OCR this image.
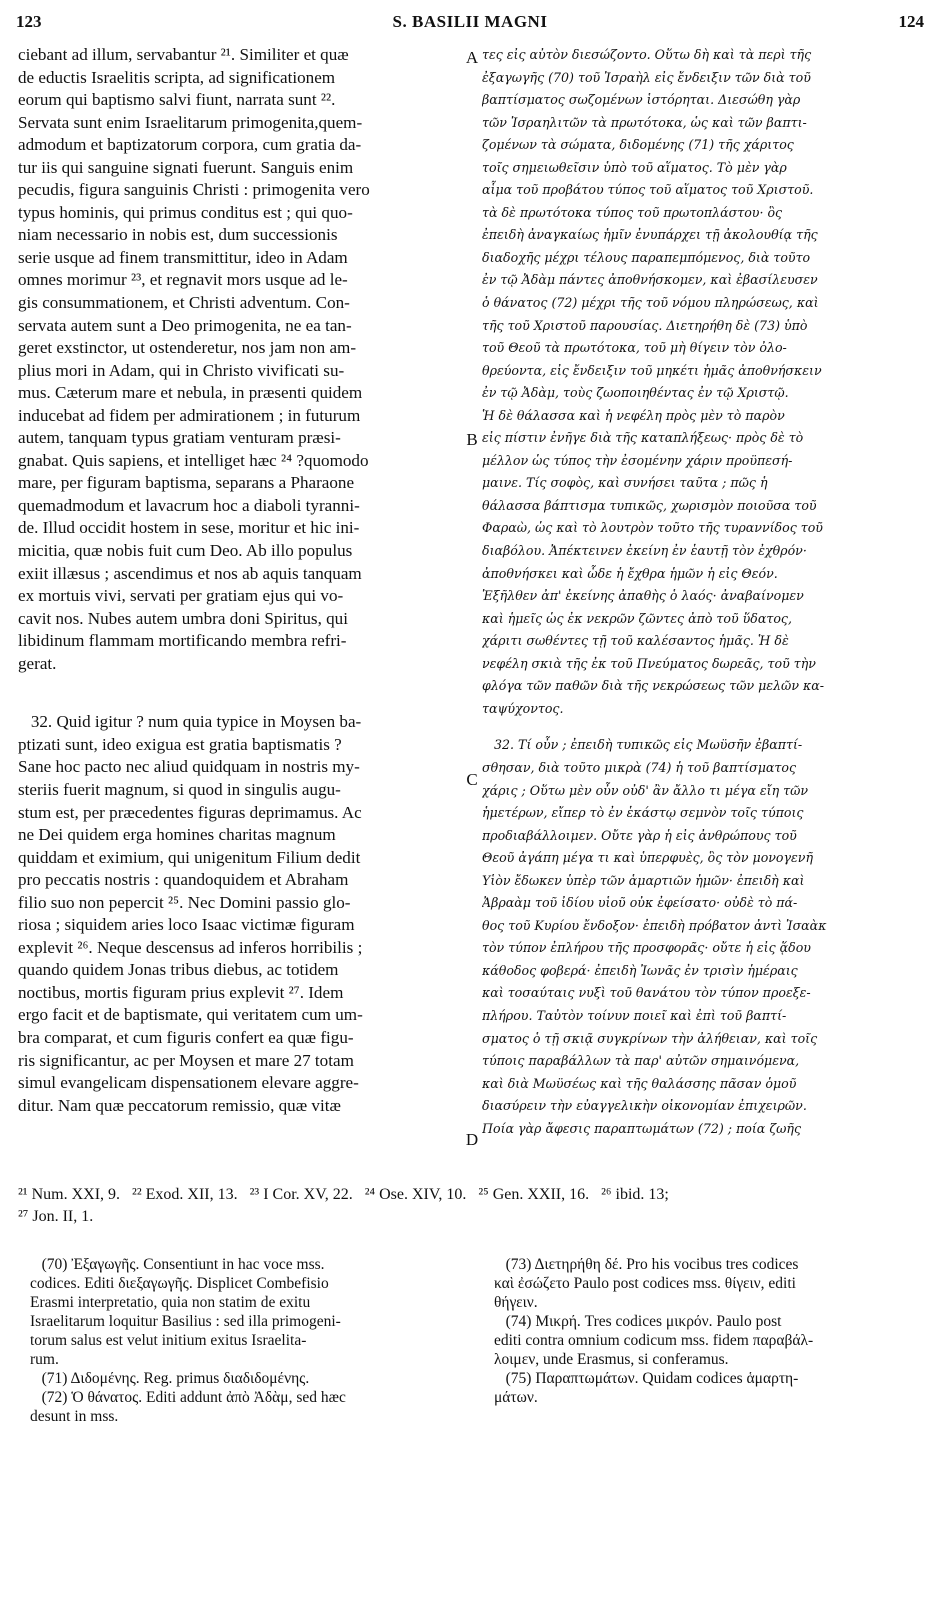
123	S. BASILII MAGNI	124
ciebant ad illum, servabantur ²¹. Similiter et quæ
de eductis Israelitis scripta, ad significationem
eorum qui baptismo salvi fiunt, narrata sunt ²².
Servata sunt enim Israelitarum primogenita,quem-
admodum et baptizatorum corpora, cum gratia da-
tur iis qui sanguine signati fuerunt. Sanguis enim
pecudis, figura sanguinis Christi : primogenita vero
typus hominis, qui primus conditus est ; qui quo-
niam necessario in nobis est, dum successionis
serie usque ad finem transmittitur, ideo in Adam
omnes morimur ²³, et regnavit mors usque ad le-
gis consummationem, et Christi adventum. Con-
servata autem sunt a Deo primogenita, ne ea tan-
geret exstinctor, ut ostenderetur, nos jam non am-
plius mori in Adam, qui in Christo vivificati su-
mus. Cæterum mare et nebula, in præsenti quidem
inducebat ad fidem per admirationem ; in futurum
autem, tanquam typus gratiam venturam præsi-
gnabat. Quis sapiens, et intelliget hæc ²⁴ ?quomodo
mare, per figuram baptisma, separans a Pharaone
quemadmodum et lavacrum hoc a diaboli tyranni-
de. Illud occidit hostem in sese, moritur et hic ini-
micitia, quæ nobis fuit cum Deo. Ab illo populus
exiit illæsus ; ascendimus et nos ab aquis tanquam
ex mortuis vivi, servati per gratiam ejus qui vo-
cavit nos. Nubes autem umbra doni Spiritus, qui
libidinum flammam mortificando membra refri-
gerat.
32. Quid igitur ? num quia typice in Moysen ba-
ptizati sunt, ideo exigua est gratia baptismatis ?
Sane hoc pacto nec aliud quidquam in nostris my-
steriis fuerit magnum, si quod in singulis augu-
stum est, per præcedentes figuras deprimamus. Ac
ne Dei quidem erga homines charitas magnum
quiddam et eximium, qui unigenitum Filium dedit
pro peccatis nostris : quandoquidem et Abraham
filio suo non pepercit ²⁵. Nec Domini passio glo-
riosa ; siquidem aries loco Isaac victimæ figuram
explevit ²⁶. Neque descensus ad inferos horribilis ;
quando quidem Jonas tribus diebus, ac totidem
noctibus, mortis figuram prius explevit ²⁷. Idem
ergo facit et de baptismate, qui veritatem cum um-
bra comparat, et cum figuris confert ea quæ figu-
ris significantur, ac per Moysen et mare 27 totam
simul evangelicam dispensationem elevare aggre-
ditur. Nam quæ peccatorum remissio, quæ vitæ
τες εἰς αὐτὸν διεσώζοντο. Οὕτω δὴ καὶ τὰ περὶ τῆς
ἐξαγωγῆς (70) τοῦ Ἰσραὴλ εἰς ἔνδειξιν τῶν διὰ τοῦ
βαπτίσματος σωζομένων ἱστόρηται. Διεσώθη γὰρ
τῶν Ἰσραηλιτῶν τὰ πρωτότοκα, ὡς καὶ τῶν βαπτι-
ζομένων τὰ σώματα, διδομένης (71) τῆς χάριτος
τοῖς σημειωθεῖσιν ὑπὸ τοῦ αἵματος. Τὸ μὲν γὰρ
αἷμα τοῦ προβάτου τύπος τοῦ αἵματος τοῦ Χριστοῦ.
τὰ δὲ πρωτότοκα τύπος τοῦ πρωτοπλάστου· ὃς
ἐπειδὴ ἀναγκαίως ἡμῖν ἐνυπάρχει τῇ ἀκολουθίᾳ τῆς
διαδοχῆς μέχρι τέλους παραπεμπόμενος, διὰ τοῦτο
ἐν τῷ Ἀδὰμ πάντες ἀποθνήσκομεν, καὶ ἐβασίλευσεν
ὁ θάνατος (72) μέχρι τῆς τοῦ νόμου πληρώσεως, καὶ
τῆς τοῦ Χριστοῦ παρουσίας. Διετηρήθη δὲ (73) ὑπὸ
τοῦ Θεοῦ τὰ πρωτότοκα, τοῦ μὴ θίγειν τὸν ὀλο-
θρεύοντα, εἰς ἔνδειξιν τοῦ μηκέτι ἡμᾶς ἀποθνήσκειν
ἐν τῷ Ἀδὰμ, τοὺς ζωοποιηθέντας ἐν τῷ Χριστῷ.
Ἡ δὲ θάλασσα καὶ ἡ νεφέλη πρὸς μὲν τὸ παρὸν
εἰς πίστιν ἐνῆγε διὰ τῆς καταπλήξεως· πρὸς δὲ τὸ
μέλλον ὡς τύπος τὴν ἐσομένην χάριν προϋπεσή-
μαινε. Τίς σοφὸς, καὶ συνήσει ταῦτα ; πῶς ἡ
θάλασσα βάπτισμα τυπικῶς, χωρισμὸν ποιοῦσα τοῦ
Φαραὼ, ὡς καὶ τὸ λουτρὸν τοῦτο τῆς τυραννίδος τοῦ
διαβόλου. Ἀπέκτεινεν ἐκείνη ἐν ἑαυτῇ τὸν ἐχθρόν·
ἀποθνήσκει καὶ ὧδε ἡ ἔχθρα ἡμῶν ἡ εἰς Θεόν.
Ἐξῆλθεν ἀπ' ἐκείνης ἀπαθὴς ὁ λαός· ἀναβαίνομεν
καὶ ἡμεῖς ὡς ἐκ νεκρῶν ζῶντες ἀπὸ τοῦ ὕδατος,
χάριτι σωθέντες τῇ τοῦ καλέσαντος ἡμᾶς. Ἡ δὲ
νεφέλη σκιὰ τῆς ἐκ τοῦ Πνεύματος δωρεᾶς, τοῦ τὴν
φλόγα τῶν παθῶν διὰ τῆς νεκρώσεως τῶν μελῶν κα-
ταψύχοντος.
32. Τί οὖν ; ἐπειδὴ τυπικῶς εἰς Μωϋσῆν ἐβαπτί-
σθησαν, διὰ τοῦτο μικρὰ (74) ἡ τοῦ βαπτίσματος
χάρις ; Οὕτω μὲν οὖν οὐδ' ἂν ἄλλο τι μέγα εἴη τῶν
ἡμετέρων, εἴπερ τὸ ἐν ἑκάστῳ σεμνὸν τοῖς τύποις
προδιαβάλλοιμεν. Οὔτε γὰρ ἡ εἰς ἀνθρώπους τοῦ
Θεοῦ ἀγάπη μέγα τι καὶ ὑπερφυὲς, ὃς τὸν μονογενῆ
Υἱὸν ἔδωκεν ὑπὲρ τῶν ἁμαρτιῶν ἡμῶν· ἐπειδὴ καὶ
Ἀβραὰμ τοῦ ἰδίου υἱοῦ οὐκ ἐφείσατο· οὐδὲ τὸ πά-
θος τοῦ Κυρίου ἔνδοξον· ἐπειδὴ πρόβατον ἀντὶ Ἰσαὰκ
τὸν τύπον ἐπλήρου τῆς προσφορᾶς· οὔτε ἡ εἰς ᾅδου
κάθοδος φοβερά· ἐπειδὴ Ἰωνᾶς ἐν τρισὶν ἡμέραις
καὶ τοσαύταις νυξὶ τοῦ θανάτου τὸν τύπον προεξε-
πλήρου. Ταὐτὸν τοίνυν ποιεῖ καὶ ἐπὶ τοῦ βαπτί-
σματος ὁ τῇ σκιᾷ συγκρίνων τὴν ἀλήθειαν, καὶ τοῖς
τύποις παραβάλλων τὰ παρ' αὐτῶν σημαινόμενα,
καὶ διὰ Μωϋσέως καὶ τῆς θαλάσσης πᾶσαν ὁμοῦ
διασύρειν τὴν εὐαγγελικὴν οἰκονομίαν ἐπιχειρῶν.
Ποία γὰρ ἄφεσις παραπτωμάτων (72) ; ποία ζωῆς
A
B
C
D
²¹ Num. XXI, 9.   ²² Exod. XII, 13.   ²³ I Cor. XV, 22.   ²⁴ Ose. XIV, 10.   ²⁵ Gen. XXII, 16.   ²⁶ ibid. 13;
²⁷ Jon. II, 1.
(70) Ἐξαγωγῆς. Consentiunt in hac voce mss.
codices. Editi διεξαγωγῆς. Displicet Combefisio
Erasmi interpretatio, quia non statim de exitu
Israelitarum loquitur Basilius : sed illa primogeni-
torum salus est velut initium exitus Israelita-
rum.
(71) Διδομένης. Reg. primus διαδιδομένης.
(72) Ὁ θάνατος. Editi addunt ἀπὸ Ἀδὰμ, sed hæc
desunt in mss.
(73) Διετηρήθη δέ. Pro his vocibus tres codices
καὶ ἐσώζετο Paulo post codices mss. θίγειν, editi
θήγειν.
(74) Μικρή. Tres codices μικρόν. Paulo post
editi contra omnium codicum mss. fidem παραβάλ-
λοιμεν, unde Erasmus, si conferamus.
(75) Παραπτωμάτων. Quidam codices ἁμαρτη-
μάτων.
